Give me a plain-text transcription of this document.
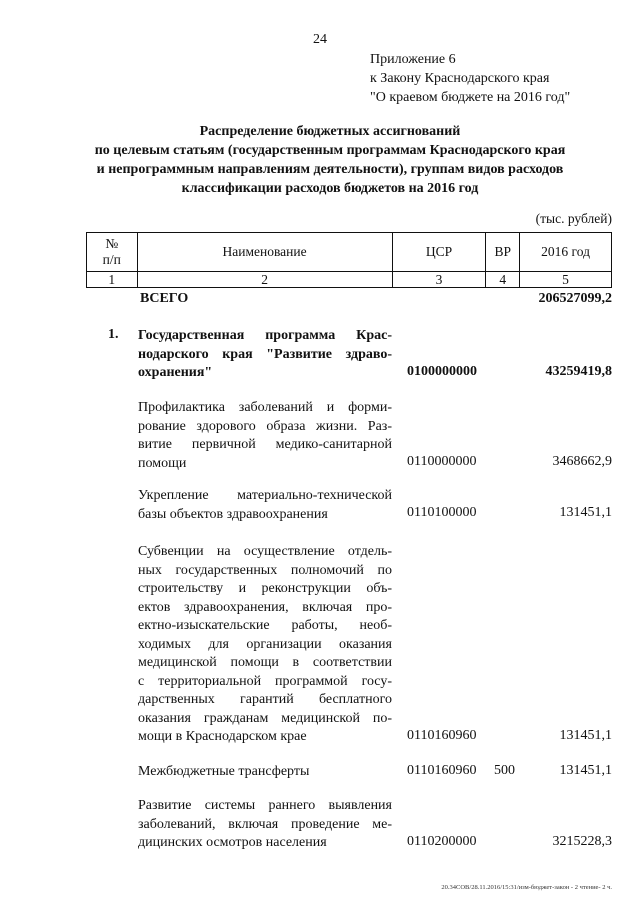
24
Приложение 6
к Закону Краснодарского края
"О краевом бюджете на 2016 год"
Распределение бюджетных ассигнований
по целевым статьям (государственным программам Краснодарского края
и непрограммным направлениям деятельности), группам видов расходов
классификации расходов бюджетов на 2016 год
(тыс. рублей)
№ п/п	Наименование	ЦСР	ВР	2016 год
1	2	3	4	5
ВСЕГО	206527099,2
1. Государственная программа Крас-
нодарского края "Развитие здраво-
охранения"	0100000000	43259419,8
Профилактика заболеваний и форми-
рование здорового образа жизни. Раз-
витие первичной медико-санитарной
помощи	0110000000	3468662,9
Укрепление материально-технической
базы объектов здравоохранения	0110100000	131451,1
Субвенции на осуществление отдель-
ных государственных полномочий по
строительству и реконструкции объ-
ектов здравоохранения, включая про-
ектно-изыскательские работы, необ-
ходимых для организации оказания
медицинской помощи в соответствии
с территориальной программой госу-
дарственных гарантий бесплатного
оказания гражданам медицинской по-
мощи в Краснодарском крае	0110160960	131451,1
Межбюджетные трансферты	0110160960 500	131451,1
Развитие системы раннего выявления
заболеваний, включая проведение ме-
дицинских осмотров населения	0110200000	3215228,3
20.34СОВ/28.11.2016/15:31/изм-бюджет-закон - 2 чтение- 2 ч.
